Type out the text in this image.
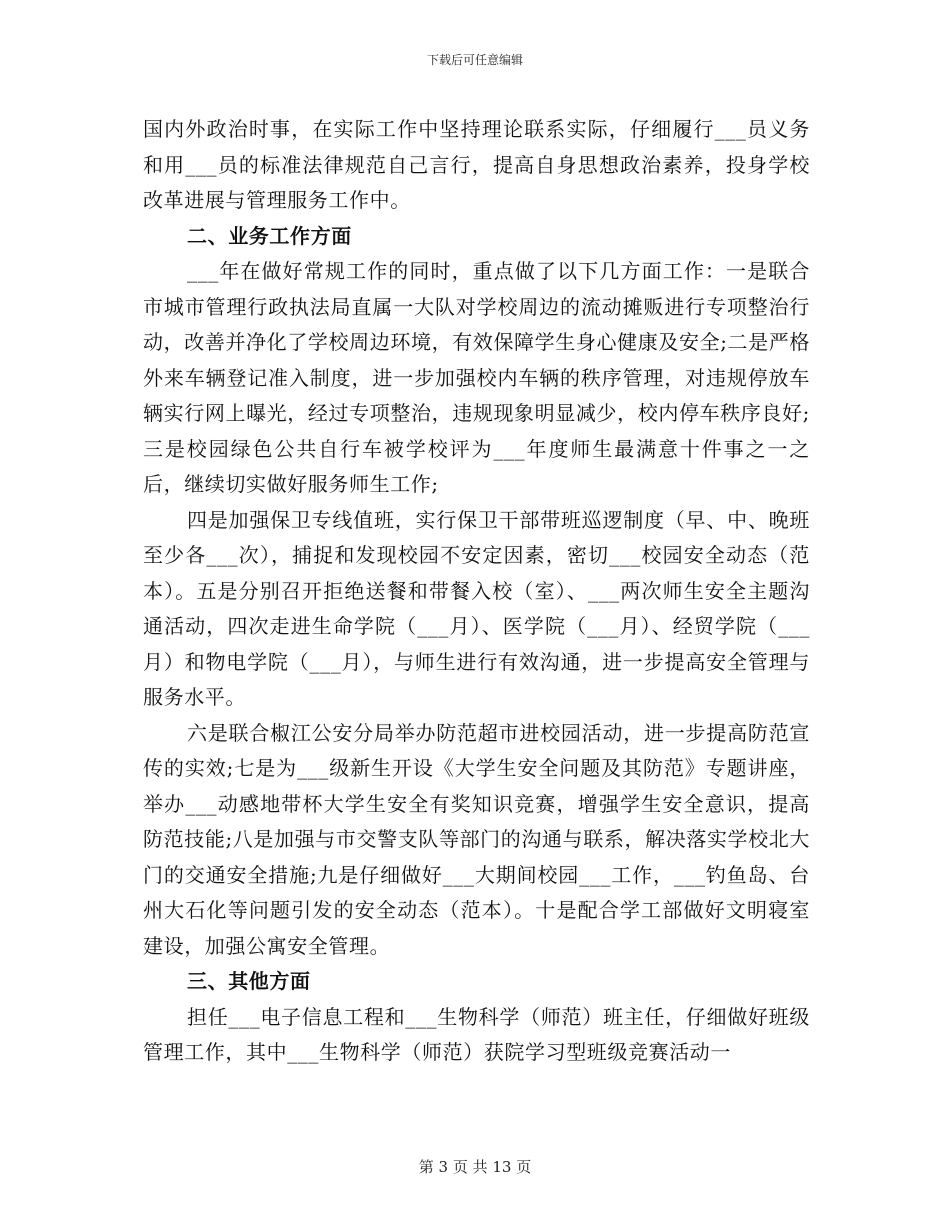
下载后可任意编辑

国内外政治时事，在实际工作中坚持理论联系实际，仔细履行___员义务和用___员的标准法律规范自己言行，提高自身思想政治素养，投身学校改革进展与管理服务工作中。

二、业务工作方面

___年在做好常规工作的同时，重点做了以下几方面工作：一是联合市城市管理行政执法局直属一大队对学校周边的流动摊贩进行专项整治行动，改善并净化了学校周边环境，有效保障学生身心健康及安全;二是严格外来车辆登记准入制度，进一步加强校内车辆的秩序管理，对违规停放车辆实行网上曝光，经过专项整治，违规现象明显减少，校内停车秩序良好;三是校园绿色公共自行车被学校评为___年度师生最满意十件事之一之后，继续切实做好服务师生工作;

四是加强保卫专线值班，实行保卫干部带班巡逻制度（早、中、晚班至少各___次），捕捉和发现校园不安定因素，密切___校园安全动态（范本）。五是分别召开拒绝送餐和带餐入校（室）、___两次师生安全主题沟通活动，四次走进生命学院（___月）、医学院（___月）、经贸学院（___月）和物电学院（___月），与师生进行有效沟通，进一步提高安全管理与服务水平。

六是联合椒江公安分局举办防范超市进校园活动，进一步提高防范宣传的实效;七是为___级新生开设《大学生安全问题及其防范》专题讲座，举办___动感地带杯大学生安全有奖知识竞赛，增强学生安全意识，提高防范技能;八是加强与市交警支队等部门的沟通与联系，解决落实学校北大门的交通安全措施;九是仔细做好___大期间校园___工作，___钓鱼岛、台州大石化等问题引发的安全动态（范本）。十是配合学工部做好文明寝室建设，加强公寓安全管理。

三、其他方面

担任___电子信息工程和___生物科学（师范）班主任，仔细做好班级管理工作，其中___生物科学（师范）获院学习型班级竞赛活动一

第 3 页 共 13 页
